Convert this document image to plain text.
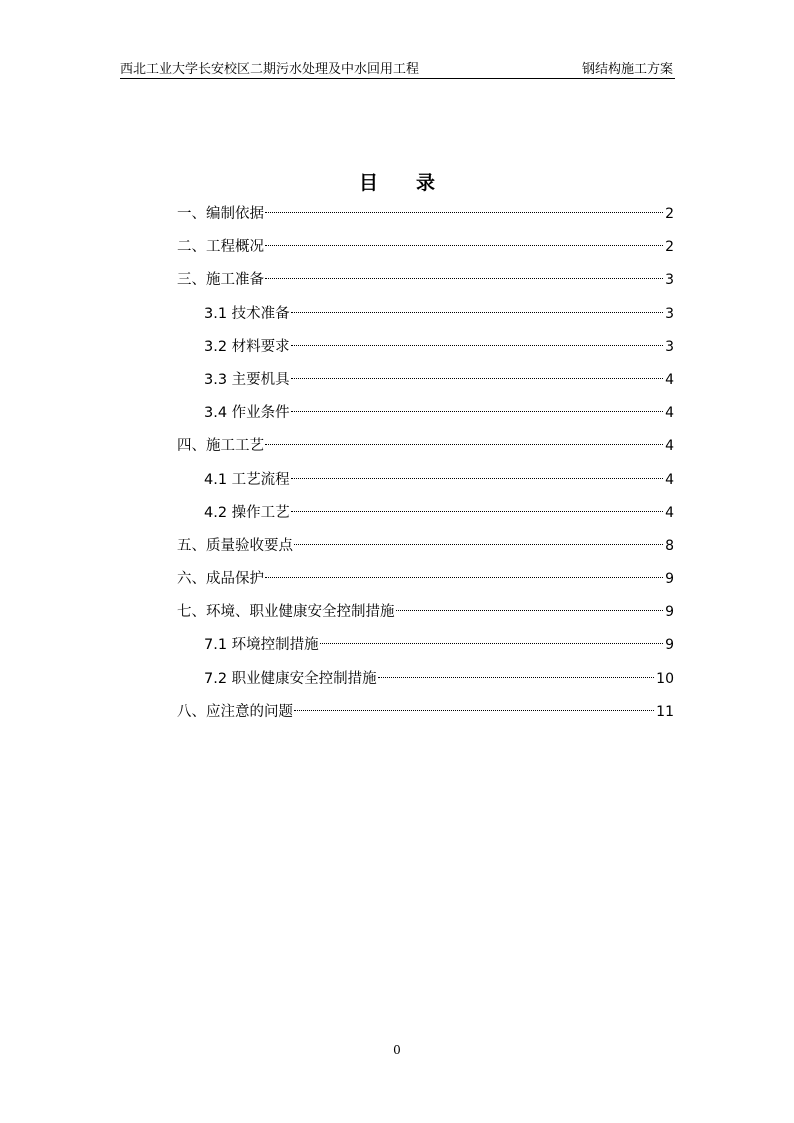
西北工业大学长安校区二期污水处理及中水回用工程	钢结构施工方案
目 录
一、编制依据	2
二、工程概况	2
三、施工准备	3
3.1 技术准备	3
3.2 材料要求	3
3.3 主要机具	4
3.4 作业条件	4
四、施工工艺	4
4.1 工艺流程	4
4.2 操作工艺	4
五、质量验收要点	8
六、成品保护	9
七、环境、职业健康安全控制措施	9
7.1 环境控制措施	9
7.2 职业健康安全控制措施	10
八、应注意的问题	11
0
